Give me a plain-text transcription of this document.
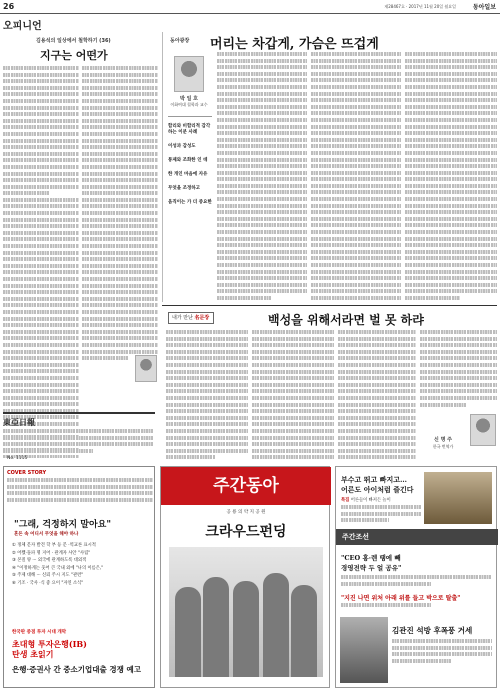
26	제28467호 · 2017년 11월 20일 월요일	동아일보
오피니언
김용석의 일상에서 철학하기 (36)
지구는 어떤가
동아광장 머리는 차갑게, 가슴은 뜨겁게
박 일 호
이화여대 철학과 교수
합리와 비합리적 감각하는 이분 사례
이성과 감성도
통제와 조화한 인 데
한 개인 마음에 자유
무엇을 조정하고
움직이는 가 더 중요한
내가 만난 名문장	백성을 위해서라면 벌 못 하랴
신 명 주
한국 번역가
東亞日報
No. 1115
COVER STORY
"그래, 걱정하지 말아요"
혼돈 속 어디서 무엇을 해야 하나
① 정체 문자 발견 학 부 등 문 ·역교론 표시적
② 어쨌·돌파 명 지어 · 관계자 사안 "사립"
③ 본질 양 ··· 외국에 관계하도록 대외적
④ "이정하게는 웃어 큰 국내 외에 "나의 이름은,"
⑤ 주제 대해 ··· 신뢰 주시 지도 "관련"
⑥ 기조 · 국사 ·식 좋 요이 "자연 소식"
한국판 중점 투자 시대 개막
초대형 투자은행(IB)
탄생 초읽기
은행·증권사 간 중소기업대출 경쟁 예고
주간동아
공 룡 의 약 지 공 원
크라우드펀딩
부수고 뛰고 빠지고…
어른도 아이처럼 즐긴다
특집 어른들이 빠져든 놀이
주간조선
"CEO 홍·렌 땡에 빼
경영전략 두 얼 공유"
"지진 나면 위처 아래 위를 들고 박으로 탈출"
김관진 석방 후폭풍 거세
